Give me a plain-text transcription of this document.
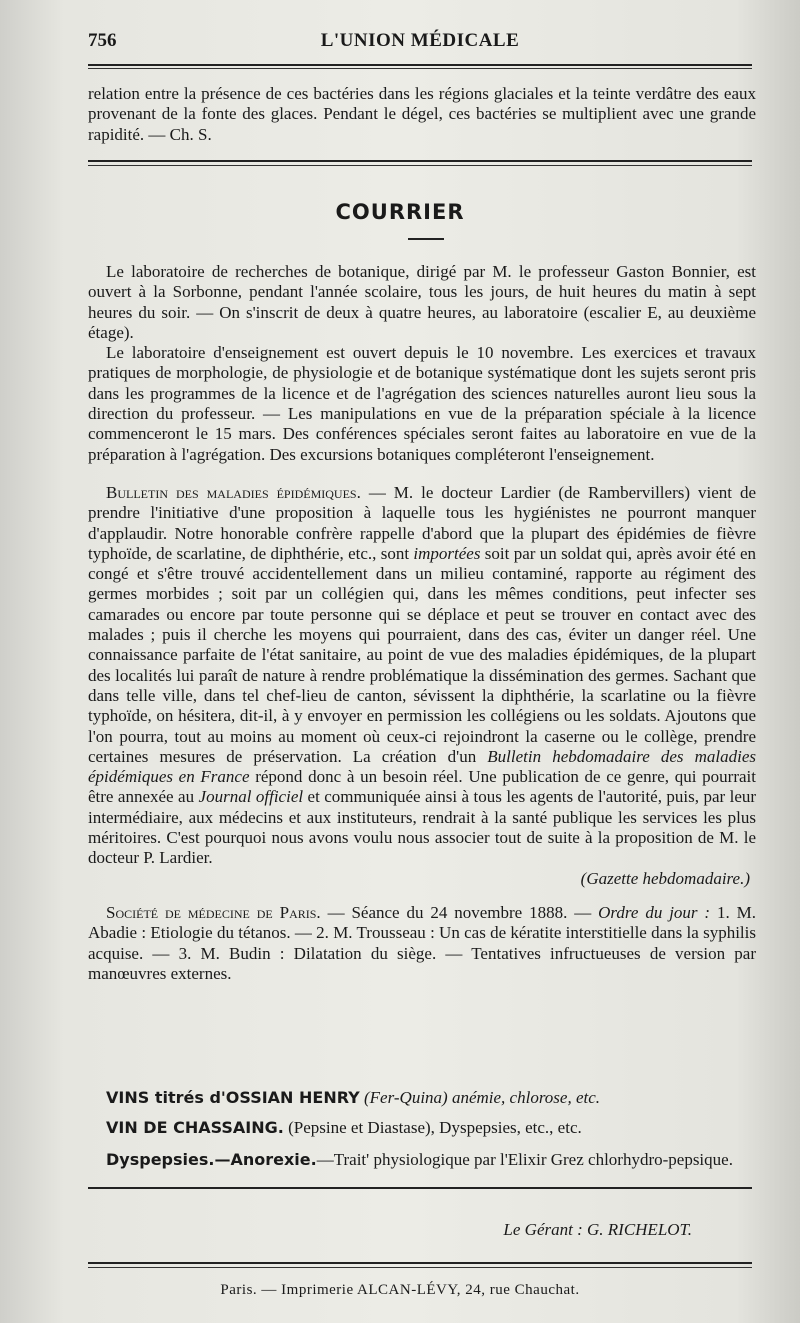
756	L'UNION MÉDICALE

relation entre la présence de ces bactéries dans les régions glaciales et la teinte verdâtre des eaux provenant de la fonte des glaces. Pendant le dégel, ces bactéries se multiplient avec une grande rapidité. — Ch. S.

COURRIER

Le laboratoire de recherches de botanique, dirigé par M. le professeur Gaston Bonnier, est ouvert à la Sorbonne, pendant l'année scolaire, tous les jours, de huit heures du matin à sept heures du soir. — On s'inscrit de deux à quatre heures, au laboratoire (escalier E, au deuxième étage).

Le laboratoire d'enseignement est ouvert depuis le 10 novembre. Les exercices et travaux pratiques de morphologie, de physiologie et de botanique systématique dont les sujets seront pris dans les programmes de la licence et de l'agrégation des sciences naturelles auront lieu sous la direction du professeur. — Les manipulations en vue de la préparation spéciale à la licence commenceront le 15 mars. Des conférences spéciales seront faites au laboratoire en vue de la préparation à l'agrégation. Des excursions botaniques compléteront l'enseignement.

Bulletin des maladies épidémiques. — M. le docteur Lardier (de Rambervillers) vient de prendre l'initiative d'une proposition à laquelle tous les hygiénistes ne pourront manquer d'applaudir. Notre honorable confrère rappelle d'abord que la plupart des épidémies de fièvre typhoïde, de scarlatine, de diphthérie, etc., sont importées soit par un soldat qui, après avoir été en congé et s'être trouvé accidentellement dans un milieu contaminé, rapporte au régiment des germes morbides ; soit par un collégien qui, dans les mêmes conditions, peut infecter ses camarades ou encore par toute personne qui se déplace et peut se trouver en contact avec des malades ; puis il cherche les moyens qui pourraient, dans des cas, éviter un danger réel. Une connaissance parfaite de l'état sanitaire, au point de vue des maladies épidémiques, de la plupart des localités lui paraît de nature à rendre problématique la dissémination des germes. Sachant que dans telle ville, dans tel chef-lieu de canton, sévissent la diphthérie, la scarlatine ou la fièvre typhoïde, on hésitera, dit-il, à y envoyer en permission les collégiens ou les soldats. Ajoutons que l'on pourra, tout au moins au moment où ceux-ci rejoindront la caserne ou le collège, prendre certaines mesures de préservation. La création d'un Bulletin hebdomadaire des maladies épidémiques en France répond donc à un besoin réel. Une publication de ce genre, qui pourrait être annexée au Journal officiel et communiquée ainsi à tous les agents de l'autorité, puis, par leur intermédiaire, aux médecins et aux instituteurs, rendrait à la santé publique les services les plus méritoires. C'est pourquoi nous avons voulu nous associer tout de suite à la proposition de M. le docteur P. Lardier.

(Gazette hebdomadaire.)

Société de médecine de Paris. — Séance du 24 novembre 1888. — Ordre du jour : 1. M. Abadie : Etiologie du tétanos. — 2. M. Trousseau : Un cas de kératite interstitielle dans la syphilis acquise. — 3. M. Budin : Dilatation du siège. — Tentatives infructueuses de version par manœuvres externes.

VINS titrés d'OSSIAN HENRY (Fer-Quina) anémie, chlorose, etc.
VIN DE CHASSAING. (Pepsine et Diastase), Dyspepsies, etc., etc.
Dyspepsies.—Anorexie.—Trait' physiologique par l'Elixir Grez chlorhydro-pepsique.
Le Gérant : G. RICHELOT.
Paris. — Imprimerie ALCAN-LÉVY, 24, rue Chauchat.
